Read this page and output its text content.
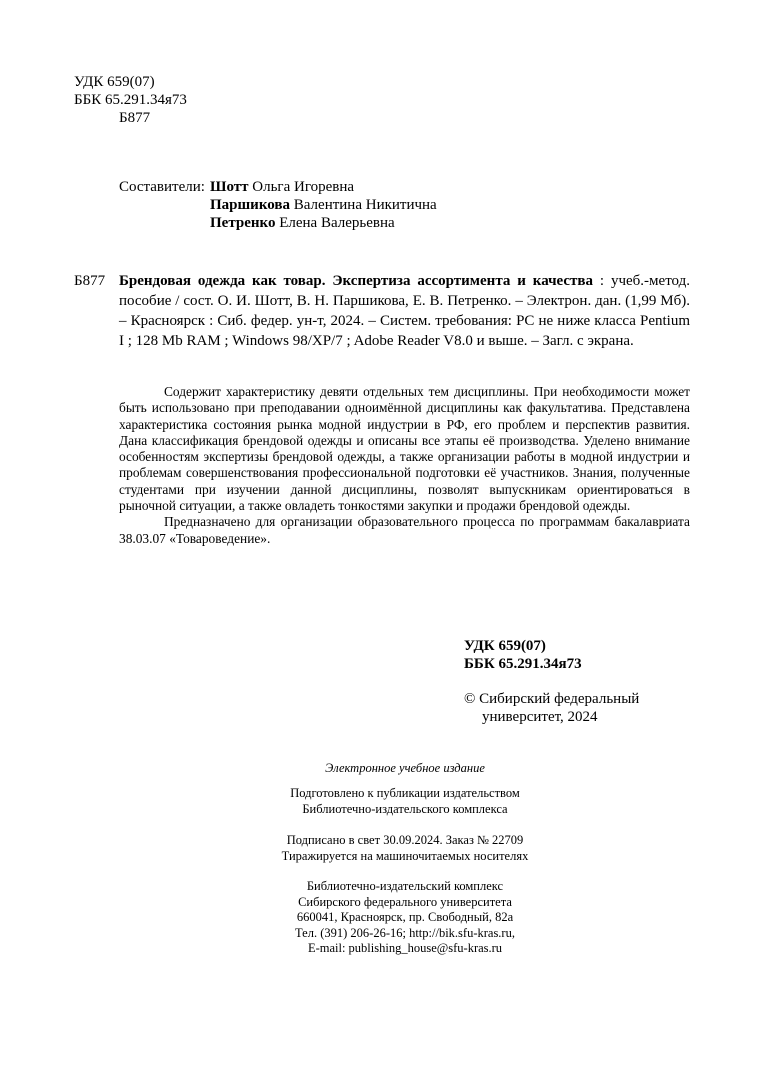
УДК 659(07)
ББК 65.291.34я73
Б877
Составители: Шотт Ольга Игоревна
Паршикова Валентина Никитична
Петренко Елена Валерьевна
Б877 Брендовая одежда как товар. Экспертиза ассортимента и качества : учеб.-метод. пособие / сост. О. И. Шотт, В. Н. Паршикова, Е. В. Петренко. – Электрон. дан. (1,99 Мб). – Красноярск : Сиб. федер. ун-т, 2024. – Систем. требования: PC не ниже класса Pentium I ; 128 Mb RAM ; Windows 98/XP/7 ; Adobe Reader V8.0 и выше. – Загл. с экрана.

Содержит характеристику девяти отдельных тем дисциплины. При необходимости может быть использовано при преподавании одноимённой дисциплины как факультатива. Представлена характеристика состояния рынка модной индустрии в РФ, его проблем и перспектив развития. Дана классификация брендовой одежды и описаны все этапы её производства. Уделено внимание особенностям экспертизы брендовой одежды, а также организации работы в модной индустрии и проблемам совершенствования профессиональной подготовки её участников. Знания, полученные студентами при изучении данной дисциплины, позволят выпускникам ориентироваться в рыночной ситуации, а также овладеть тонкостями закупки и продажи брендовой одежды.

Предназначено для организации образовательного процесса по программам бакалавриата 38.03.07 «Товароведение».

УДК 659(07)
ББК 65.291.34я73
© Сибирский федеральный
университет, 2024
Электронное учебное издание
Подготовлено к публикации издательством
Библиотечно-издательского комплекса
Подписано в свет 30.09.2024. Заказ № 22709
Тиражируется на машиночитаемых носителях
Библиотечно-издательский комплекс
Сибирского федерального университета
660041, Красноярск, пр. Свободный, 82а
Тел. (391) 206-26-16; http://bik.sfu-kras.ru,
E-mail: publishing_house@sfu-kras.ru
